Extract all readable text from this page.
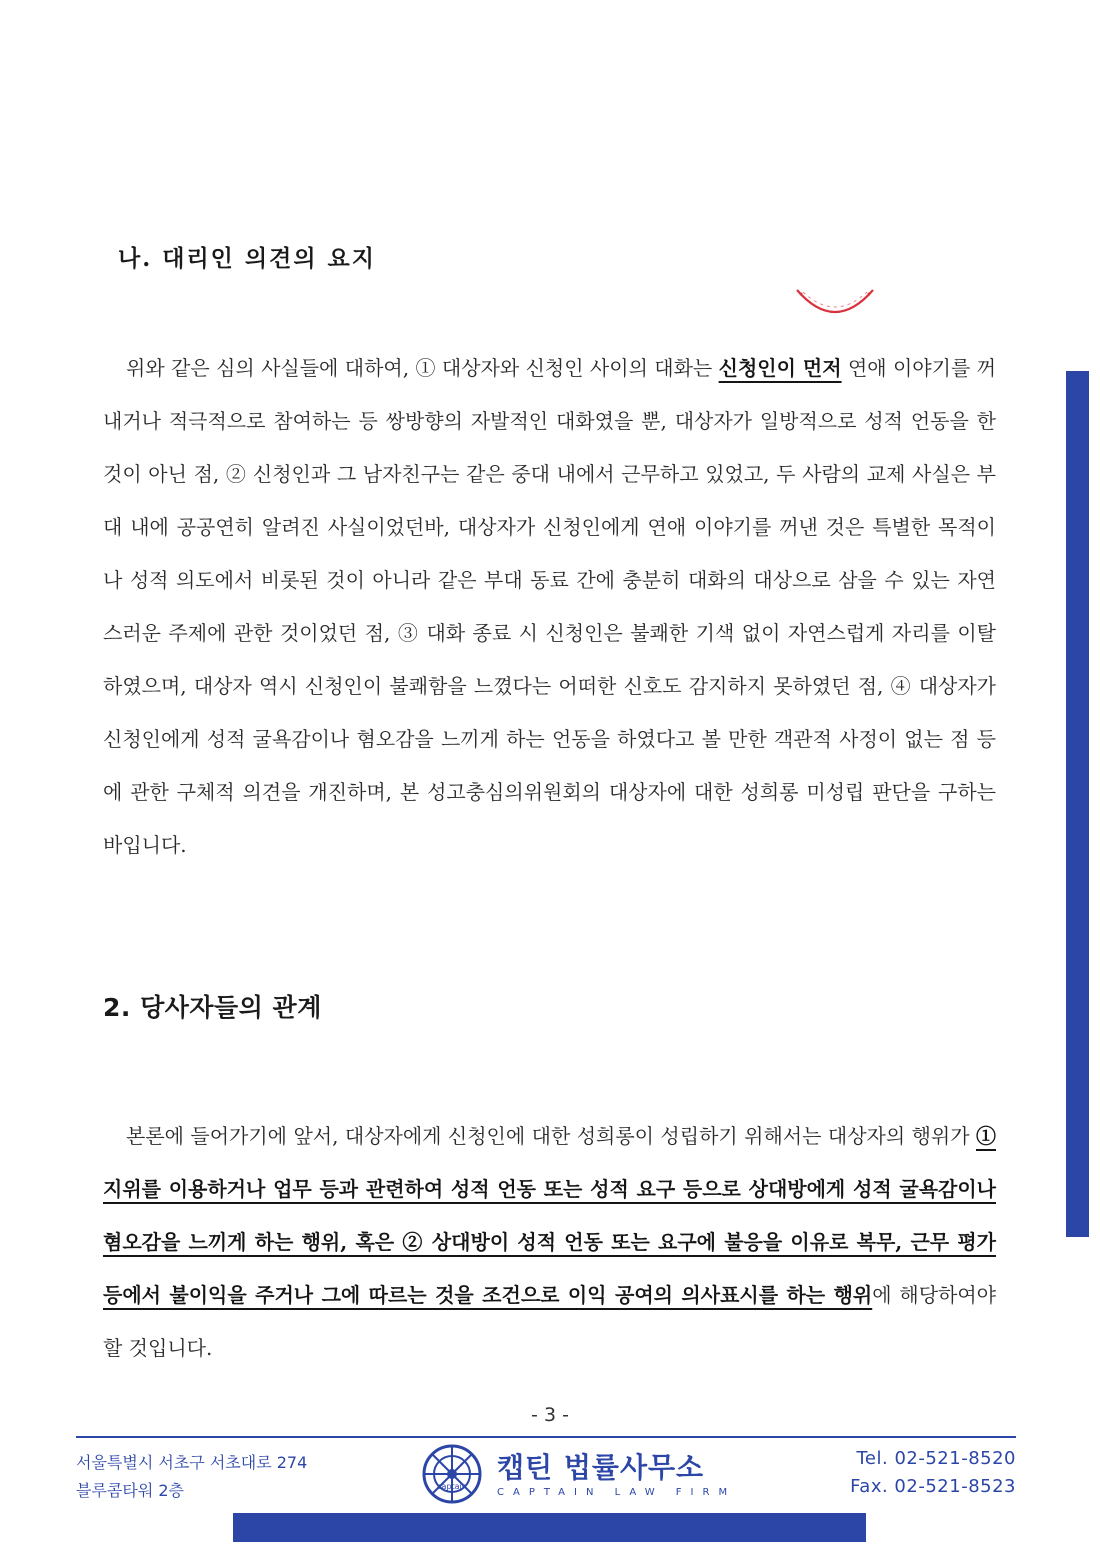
나. 대리인 의견의 요지
위와 같은 심의 사실들에 대하여, ① 대상자와 신청인 사이의 대화는 신청인이 먼저 연애 이야기를 꺼내거나 적극적으로 참여하는 등 쌍방향의 자발적인 대화였을 뿐, 대상자가 일방적으로 성적 언동을 한 것이 아닌 점, ② 신청인과 그 남자친구는 같은 중대 내에서 근무하고 있었고, 두 사람의 교제 사실은 부대 내에 공공연히 알려진 사실이었던바, 대상자가 신청인에게 연애 이야기를 꺼낸 것은 특별한 목적이나 성적 의도에서 비롯된 것이 아니라 같은 부대 동료 간에 충분히 대화의 대상으로 삼을 수 있는 자연스러운 주제에 관한 것이었던 점, ③ 대화 종료 시 신청인은 불쾌한 기색 없이 자연스럽게 자리를 이탈하였으며, 대상자 역시 신청인이 불쾌함을 느꼈다는 어떠한 신호도 감지하지 못하였던 점, ④ 대상자가 신청인에게 성적 굴욕감이나 혐오감을 느끼게 하는 언동을 하였다고 볼 만한 객관적 사정이 없는 점 등에 관한 구체적 의견을 개진하며, 본 성고충심의위원회의 대상자에 대한 성희롱 미성립 판단을 구하는 바입니다.
2. 당사자들의 관계
본론에 들어가기에 앞서, 대상자에게 신청인에 대한 성희롱이 성립하기 위해서는 대상자의 행위가 ① 지위를 이용하거나 업무 등과 관련하여 성적 언동 또는 성적 요구 등으로 상대방에게 성적 굴욕감이나 혐오감을 느끼게 하는 행위, 혹은 ② 상대방이 성적 언동 또는 요구에 불응을 이유로 복무, 근무 평가 등에서 불이익을 주거나 그에 따르는 것을 조건으로 이익 공여의 의사표시를 하는 행위에 해당하여야 할 것입니다.
- 3 -
서울특별시 서초구 서초대로 274
블루콤타워 2층	captain
캡틴 법률사무소
CAPTAIN LAW FIRM
Tel. 02-521-8520
Fax. 02-521-8523
